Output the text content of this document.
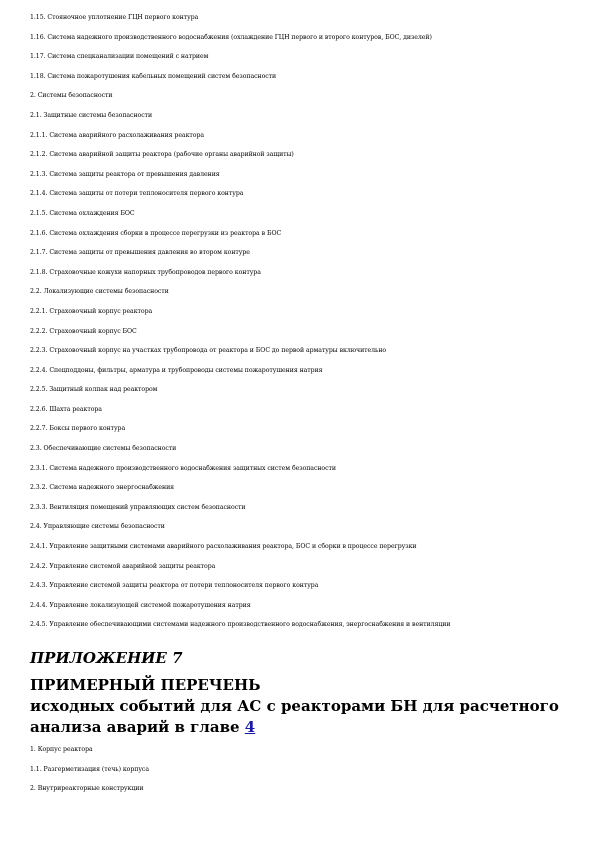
1.15. Стояночное уплотнение ГЦН первого контура
1.16. Система надежного производственного водоснабжения (охлаждение ГЦН первого и второго контуров, БОС, дизелей)
1.17. Система спецканализации помещений с натрием
1.18. Система пожаротушения кабельных помещений систем безопасности
2. Системы безопасности
2.1. Защитные системы безопасности
2.1.1. Система аварийного расхолаживания реактора
2.1.2. Система аварийной защиты реактора (рабочие органы аварийной защиты)
2.1.3. Система защиты реактора от превышения давления
2.1.4. Система защиты от потери теплоносителя первого контура
2.1.5. Система охлаждения БОС
2.1.6. Система охлаждения сборки в процессе перегрузки из реактора в БОС
2.1.7. Система защиты от превышения давления во втором контуре
2.1.8. Страховочные кожухи напорных трубопроводов первого контура
2.2. Локализующие системы безопасности
2.2.1. Страховочный корпус реактора
2.2.2. Страховочный корпус БОС
2.2.3. Страховочный корпус на участках трубопровода от реактора и БОС до первой арматуры включительно
2.2.4. Спецподдоны, фильтры, арматура и трубопроводы системы пожаротушения натрия
2.2.5. Защитный колпак над реактором
2.2.6. Шахта реактора
2.2.7. Боксы первого контура
2.3. Обеспечивающие системы безопасности
2.3.1. Система надежного производственного водоснабжения защитных систем безопасности
2.3.2. Система надежного энергоснабжения
2.3.3. Вентиляция помещений управляющих систем безопасности
2.4. Управляющие системы безопасности
2.4.1. Управление защитными системами аварийного расхолаживания реактора, БОС и сборки в процессе перегрузки
2.4.2. Управление системой аварийной защиты реактора
2.4.3. Управление системой защиты реактора от потери теплоносителя первого контура
2.4.4. Управление локализующей системой пожаротушения натрия
2.4.5. Управление обеспечивающими системами надежного производственного водоснабжения, энергоснабжения и вентиляции
ПРИЛОЖЕНИЕ 7
ПРИМЕРНЫЙ ПЕРЕЧЕНЬ
исходных событий для АС с реакторами БН для расчетного
анализа аварий в главе 4
1. Корпус реактора
1.1. Разгерметизация (течь) корпуса
2. Внутриреакторные конструкции
